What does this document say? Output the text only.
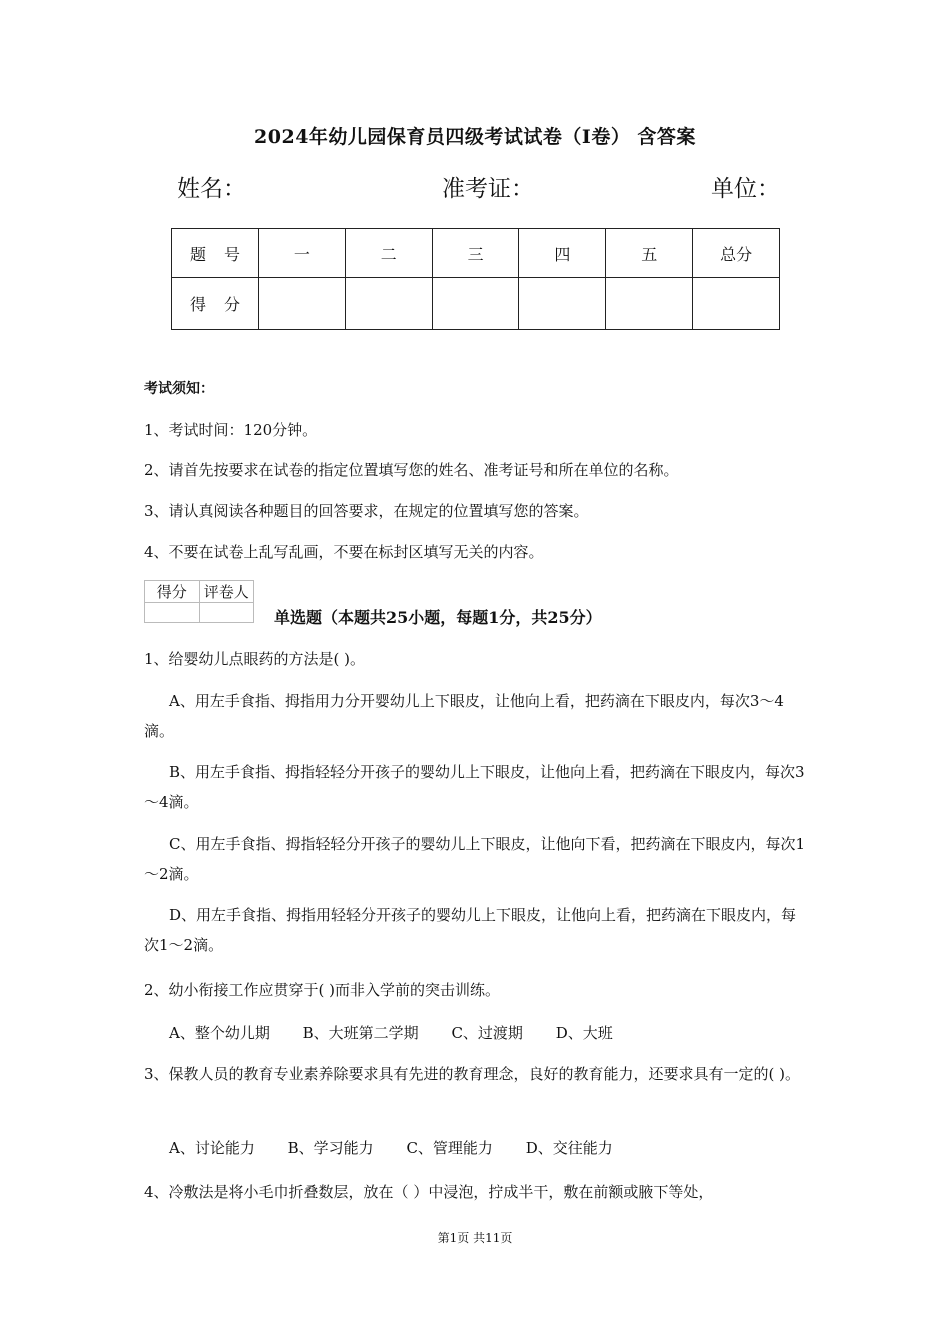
2024年幼儿园保育员四级考试试卷（I卷） 含答案
姓名：	准考证：	单位：
题 号	一	二	三	四	五	总分
得 分						
考试须知：
1、考试时间：120分钟。
2、请首先按要求在试卷的指定位置填写您的姓名、准考证号和所在单位的名称。
3、请认真阅读各种题目的回答要求，在规定的位置填写您的答案。
4、不要在试卷上乱写乱画，不要在标封区填写无关的内容。
得分	评卷人

单选题（本题共25小题，每题1分，共25分）
1、给婴幼儿点眼药的方法是( )。
A、用左手食指、拇指用力分开婴幼儿上下眼皮，让他向上看，把药滴在下眼皮内，每次3～4滴。
B、用左手食指、拇指轻轻分开孩子的婴幼儿上下眼皮，让他向上看，把药滴在下眼皮内，每次3～4滴。
C、用左手食指、拇指轻轻分开孩子的婴幼儿上下眼皮，让他向下看，把药滴在下眼皮内，每次1～2滴。
D、用左手食指、拇指用轻轻分开孩子的婴幼儿上下眼皮，让他向上看，把药滴在下眼皮内，每次1～2滴。
2、幼小衔接工作应贯穿于( )而非入学前的突击训练。
A、整个幼儿期 B、大班第二学期 C、过渡期 D、大班
3、保教人员的教育专业素养除要求具有先进的教育理念，良好的教育能力，还要求具有一定的( )。
A、讨论能力 B、学习能力 C、管理能力 D、交往能力
4、冷敷法是将小毛巾折叠数层，放在（ ）中浸泡，拧成半干，敷在前额或腋下等处，
第1页 共11页
